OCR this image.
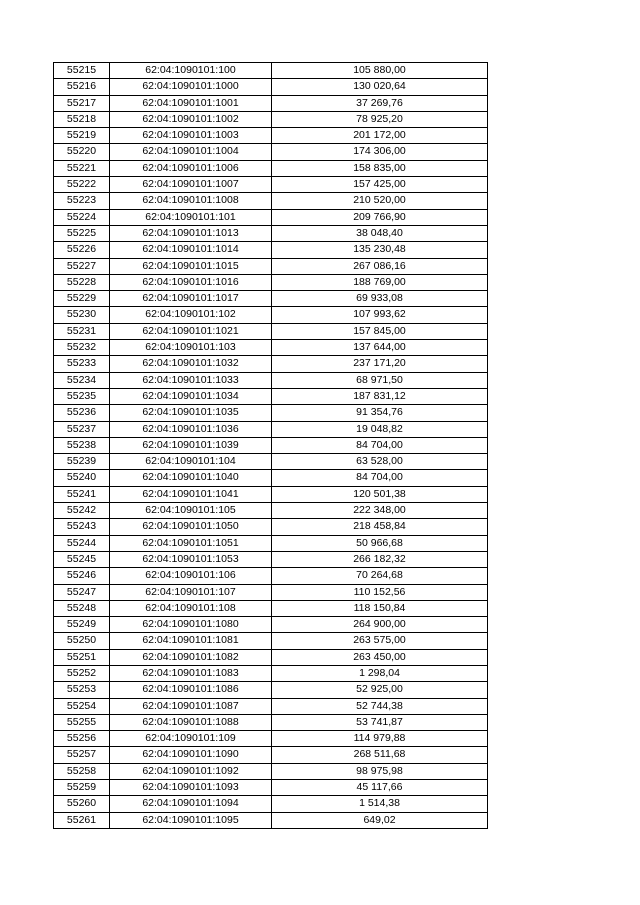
55215	62:04:1090101:100	105 880,00
55216	62:04:1090101:1000	130 020,64
55217	62:04:1090101:1001	37 269,76
55218	62:04:1090101:1002	78 925,20
55219	62:04:1090101:1003	201 172,00
55220	62:04:1090101:1004	174 306,00
55221	62:04:1090101:1006	158 835,00
55222	62:04:1090101:1007	157 425,00
55223	62:04:1090101:1008	210 520,00
55224	62:04:1090101:101	209 766,90
55225	62:04:1090101:1013	38 048,40
55226	62:04:1090101:1014	135 230,48
55227	62:04:1090101:1015	267 086,16
55228	62:04:1090101:1016	188 769,00
55229	62:04:1090101:1017	69 933,08
55230	62:04:1090101:102	107 993,62
55231	62:04:1090101:1021	157 845,00
55232	62:04:1090101:103	137 644,00
55233	62:04:1090101:1032	237 171,20
55234	62:04:1090101:1033	68 971,50
55235	62:04:1090101:1034	187 831,12
55236	62:04:1090101:1035	91 354,76
55237	62:04:1090101:1036	19 048,82
55238	62:04:1090101:1039	84 704,00
55239	62:04:1090101:104	63 528,00
55240	62:04:1090101:1040	84 704,00
55241	62:04:1090101:1041	120 501,38
55242	62:04:1090101:105	222 348,00
55243	62:04:1090101:1050	218 458,84
55244	62:04:1090101:1051	50 966,68
55245	62:04:1090101:1053	266 182,32
55246	62:04:1090101:106	70 264,68
55247	62:04:1090101:107	110 152,56
55248	62:04:1090101:108	118 150,84
55249	62:04:1090101:1080	264 900,00
55250	62:04:1090101:1081	263 575,00
55251	62:04:1090101:1082	263 450,00
55252	62:04:1090101:1083	1 298,04
55253	62:04:1090101:1086	52 925,00
55254	62:04:1090101:1087	52 744,38
55255	62:04:1090101:1088	53 741,87
55256	62:04:1090101:109	114 979,88
55257	62:04:1090101:1090	268 511,68
55258	62:04:1090101:1092	98 975,98
55259	62:04:1090101:1093	45 117,66
55260	62:04:1090101:1094	1 514,38
55261	62:04:1090101:1095	649,02
